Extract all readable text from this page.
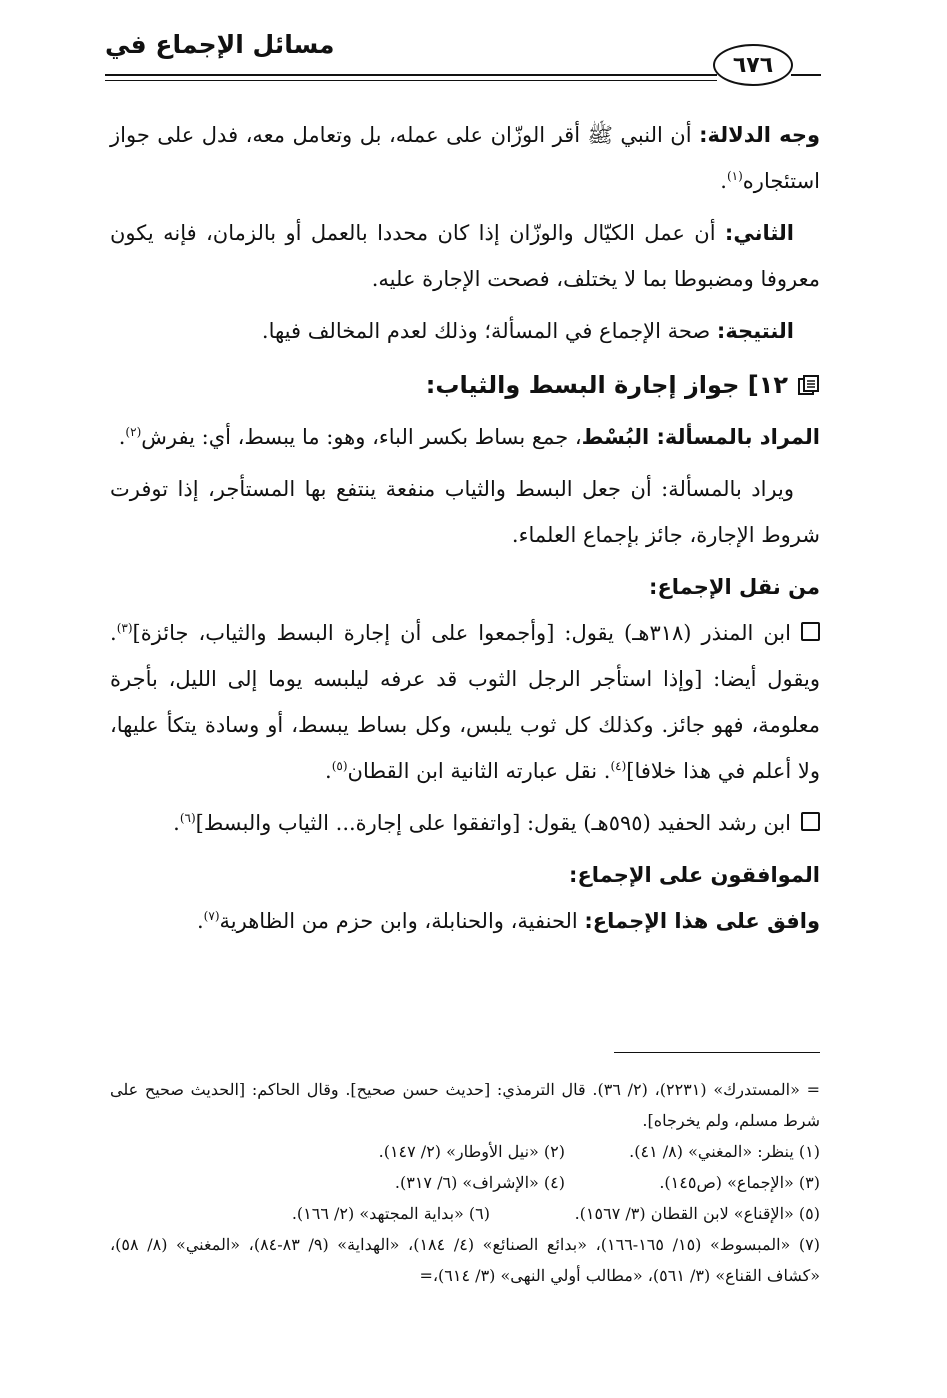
مسائل الإجماع في
٦٧٦

وجه الدلالة: أن النبي ﷺ أقر الوزّان على عمله، بل وتعامل معه، فدل على جواز استئجاره$^{(١)}$.

الثاني: أن عمل الكيّال والوزّان إذا كان محددا بالعمل أو بالزمان، فإنه يكون معروفا ومضبوطا بما لا يختلف، فصحت الإجارة عليه.

النتيجة: صحة الإجماع في المسألة؛ وذلك لعدم المخالف فيها.

١٢] جواز إجارة البسط والثياب:

المراد بالمسألة: البُسْط، جمع بساط بكسر الباء، وهو: ما يبسط، أي: يفرش$^{(٢)}$.

ويراد بالمسألة: أن جعل البسط والثياب منفعة ينتفع بها المستأجر، إذا توفرت شروط الإجارة، جائز بإجماع العلماء.

من نقل الإجماع:

ابن المنذر (٣١٨هـ) يقول: [وأجمعوا على أن إجارة البسط والثياب، جائزة]$^{(٣)}$. ويقول أيضا: [وإذا استأجر الرجل الثوب قد عرفه ليلبسه يوما إلى الليل، بأجرة معلومة، فهو جائز. وكذلك كل ثوب يلبس، وكل بساط يبسط، أو وسادة يتكأ عليها، ولا أعلم في هذا خلافا]$^{(٤)}$. نقل عبارته الثانية ابن القطان$^{(٥)}$.

ابن رشد الحفيد (٥٩٥هـ) يقول: [واتفقوا على إجارة... الثياب والبسط]$^{(٦)}$.

الموافقون على الإجماع:

وافق على هذا الإجماع: الحنفية، والحنابلة، وابن حزم من الظاهرية$^{(٧)}$.

= «المستدرك» (٢٢٣١)، (٢/ ٣٦). قال الترمذي: [حديث حسن صحيح]. وقال الحاكم: [الحديث صحيح على شرط مسلم، ولم يخرجاه].

(١) ينظر: «المغني» (٨/ ٤١).
(٢) «نيل الأوطار» (٢/ ١٤٧).
(٣) «الإجماع» (ص١٤٥).
(٤) «الإشراف» (٦/ ٣١٧).
(٥) «الإقناع» لابن القطان (٣/ ١٥٦٧).
(٦) «بداية المجتهد» (٢/ ١٦٦).

(٧) «المبسوط» (١٥/ ١٦٥-١٦٦)، «بدائع الصنائع» (٤/ ١٨٤)، «الهداية» (٩/ ٨٣-٨٤)، «المغني» (٨/ ٥٨)، «كشاف القناع» (٣/ ٥٦١)، «مطالب أولي النهى» (٣/ ٦١٤)،=
